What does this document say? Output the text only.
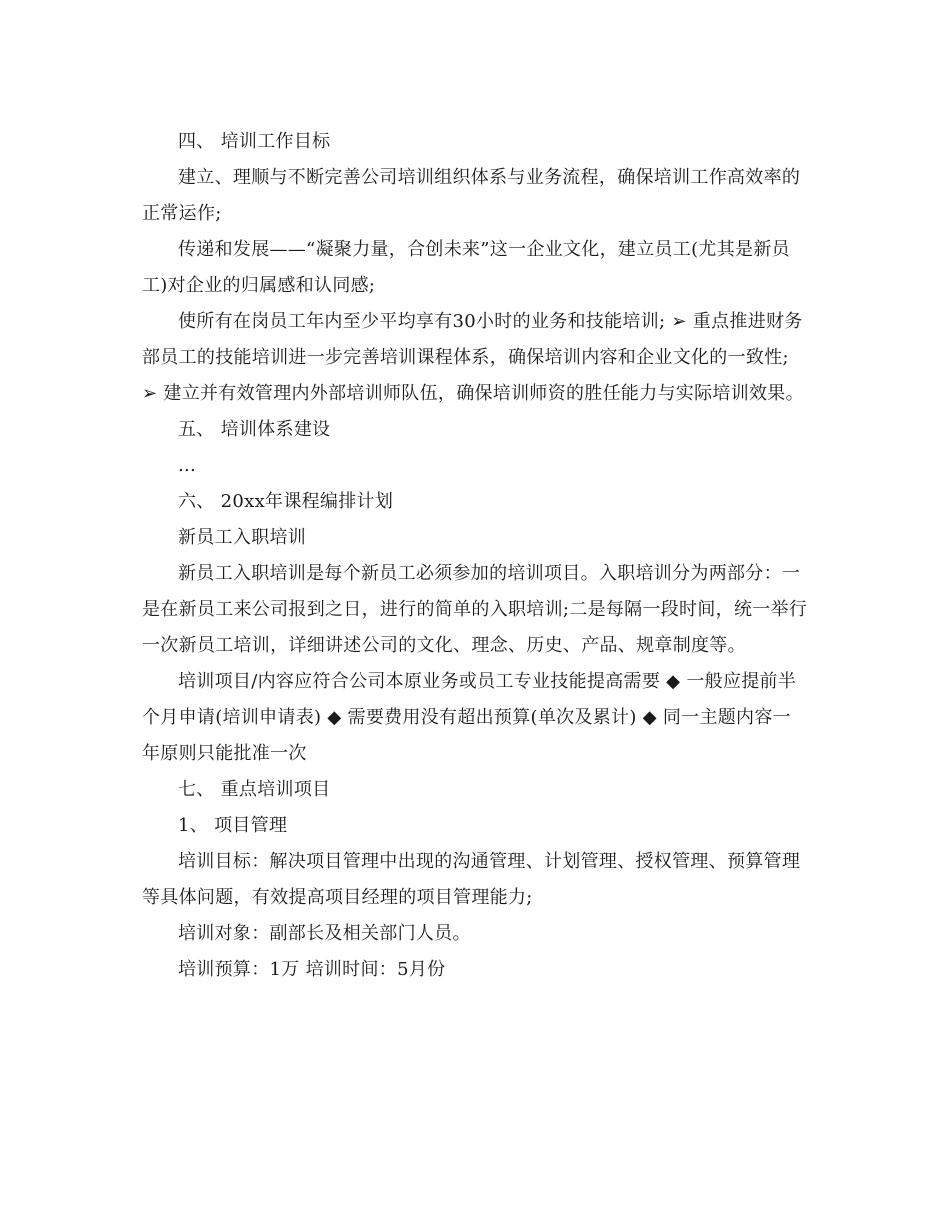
四、 培训工作目标

建立、理顺与不断完善公司培训组织体系与业务流程，确保培训工作高效率的正常运作;

传递和发展——“凝聚力量，合创未来”这一企业文化，建立员工(尤其是新员工)对企业的归属感和认同感;

使所有在岗员工年内至少平均享有30小时的业务和技能培训; ➢ 重点推进财务部员工的技能培训进一步完善培训课程体系，确保培训内容和企业文化的一致性; ➢ 建立并有效管理内外部培训师队伍，确保培训师资的胜任能力与实际培训效果。

五、 培训体系建设

...

六、 20xx年课程编排计划

新员工入职培训

新员工入职培训是每个新员工必须参加的培训项目。入职培训分为两部分：一是在新员工来公司报到之日，进行的简单的入职培训;二是每隔一段时间，统一举行一次新员工培训，详细讲述公司的文化、理念、历史、产品、规章制度等。

培训项目/内容应符合公司本原业务或员工专业技能提高需要 ◆ 一般应提前半个月申请(培训申请表) ◆ 需要费用没有超出预算(单次及累计) ◆ 同一主题内容一年原则只能批准一次

七、 重点培训项目

1、 项目管理

培训目标：解决项目管理中出现的沟通管理、计划管理、授权管理、预算管理等具体问题，有效提高项目经理的项目管理能力;

培训对象：副部长及相关部门人员。

培训预算：1万 培训时间：5月份
